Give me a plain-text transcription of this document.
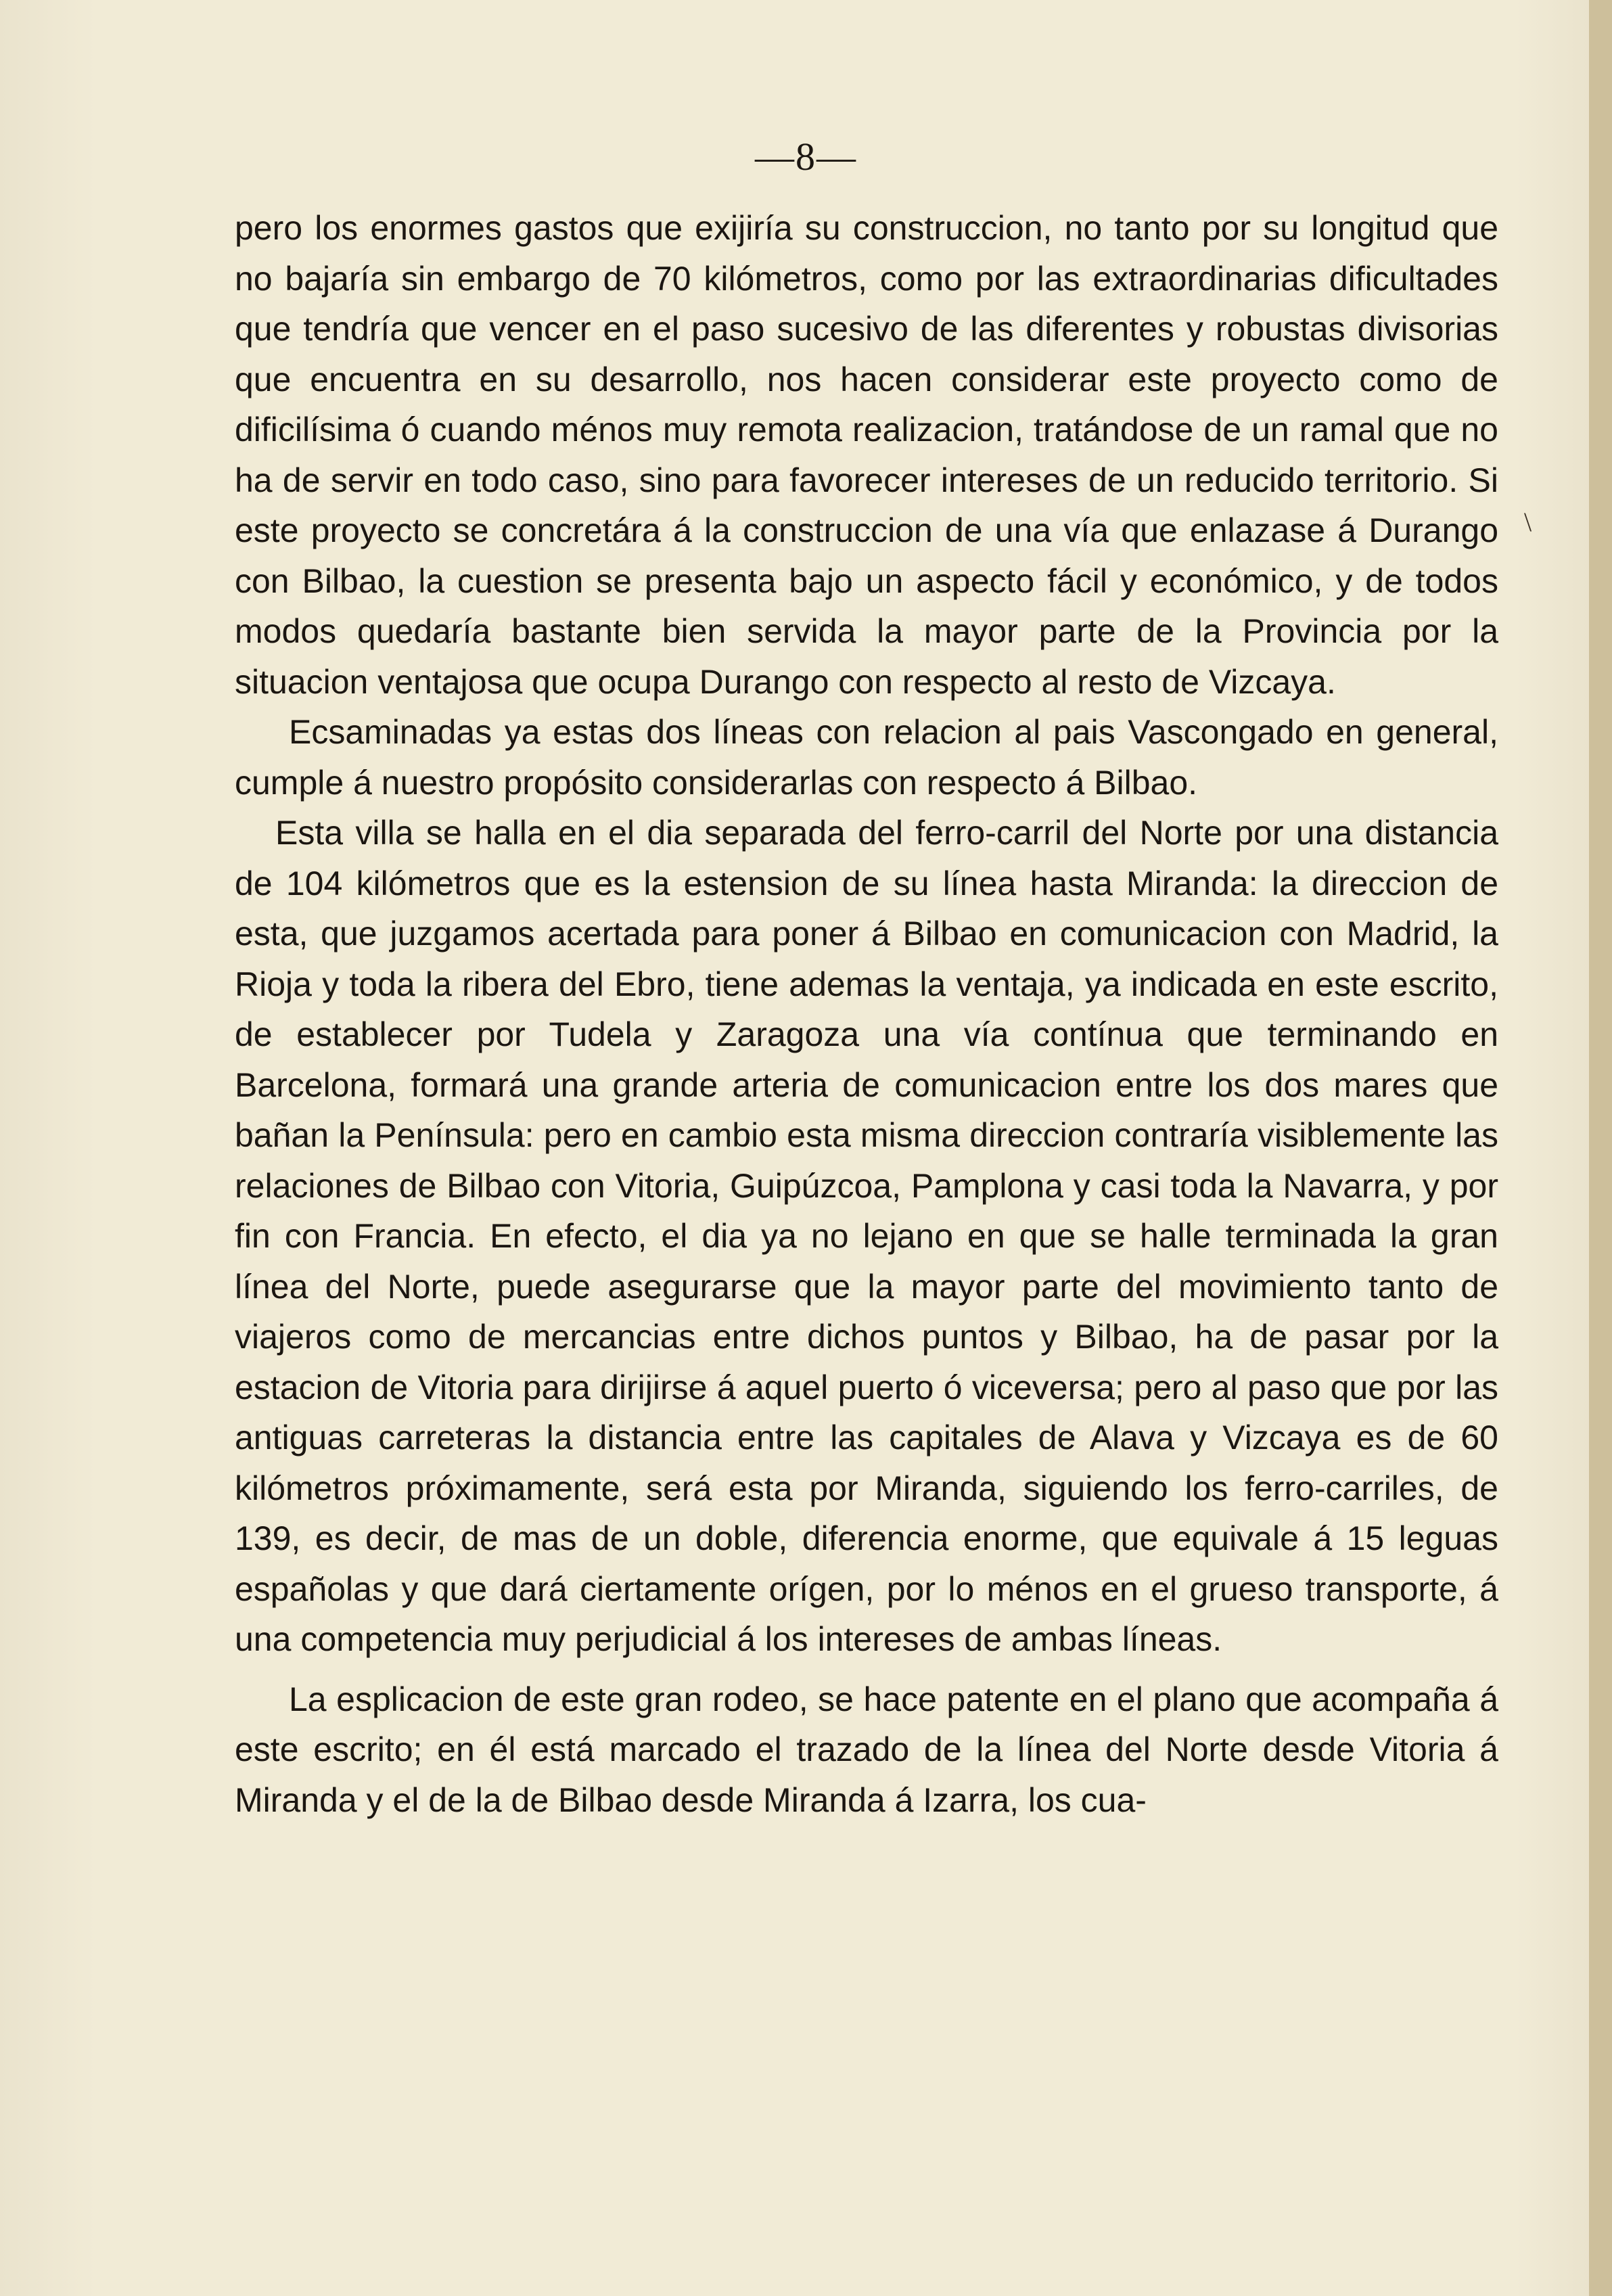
—8—
\

pero los enormes gastos que exijiría su construccion, no tanto por su longitud que no bajaría sin embargo de 70 kilómetros, como por las extraordinarias dificultades que tendría que vencer en el paso sucesivo de las diferentes y robustas divisorias que encuentra en su desarrollo, nos hacen considerar este proyecto como de dificilísima ó cuando ménos muy remota realizacion, tratándose de un ramal que no ha de servir en todo caso, sino para favorecer intereses de un reducido territorio. Si este proyecto se concretára á la construccion de una vía que enlazase á Durango con Bilbao, la cuestion se presenta bajo un aspecto fácil y económico, y de todos modos quedaría bastante bien servida la mayor parte de la Provincia por la situacion ventajosa que ocupa Durango con respecto al resto de Vizcaya.

Ecsaminadas ya estas dos líneas con relacion al pais Vascongado en general, cumple á nuestro propósito considerarlas con respecto á Bilbao.

Esta villa se halla en el dia separada del ferro-carril del Norte por una distancia de 104 kilómetros que es la estension de su línea hasta Miranda: la direccion de esta, que juzgamos acertada para poner á Bilbao en comunicacion con Madrid, la Rioja y toda la ribera del Ebro, tiene ademas la ventaja, ya indicada en este escrito, de establecer por Tudela y Zaragoza una vía contínua que terminando en Barcelona, formará una grande arteria de comunicacion entre los dos mares que bañan la Península: pero en cambio esta misma direccion contraría visiblemente las relaciones de Bilbao con Vitoria, Guipúzcoa, Pamplona y casi toda la Navarra, y por fin con Francia. En efecto, el dia ya no lejano en que se halle terminada la gran línea del Norte, puede asegurarse que la mayor parte del movimiento tanto de viajeros como de mercancias entre dichos puntos y Bilbao, ha de pasar por la estacion de Vitoria para dirijirse á aquel puerto ó viceversa; pero al paso que por las antiguas carreteras la distancia entre las capitales de Alava y Vizcaya es de 60 kilómetros próximamente, será esta por Miranda, siguiendo los ferro-carriles, de 139, es decir, de mas de un doble, diferencia enorme, que equivale á 15 leguas españolas y que dará ciertamente orígen, por lo ménos en el grueso transporte, á una competencia muy perjudicial á los intereses de ambas líneas.

La esplicacion de este gran rodeo, se hace patente en el plano que acompaña á este escrito; en él está marcado el trazado de la línea del Norte desde Vitoria á Miranda y el de la de Bilbao desde Miranda á Izarra, los cua-
